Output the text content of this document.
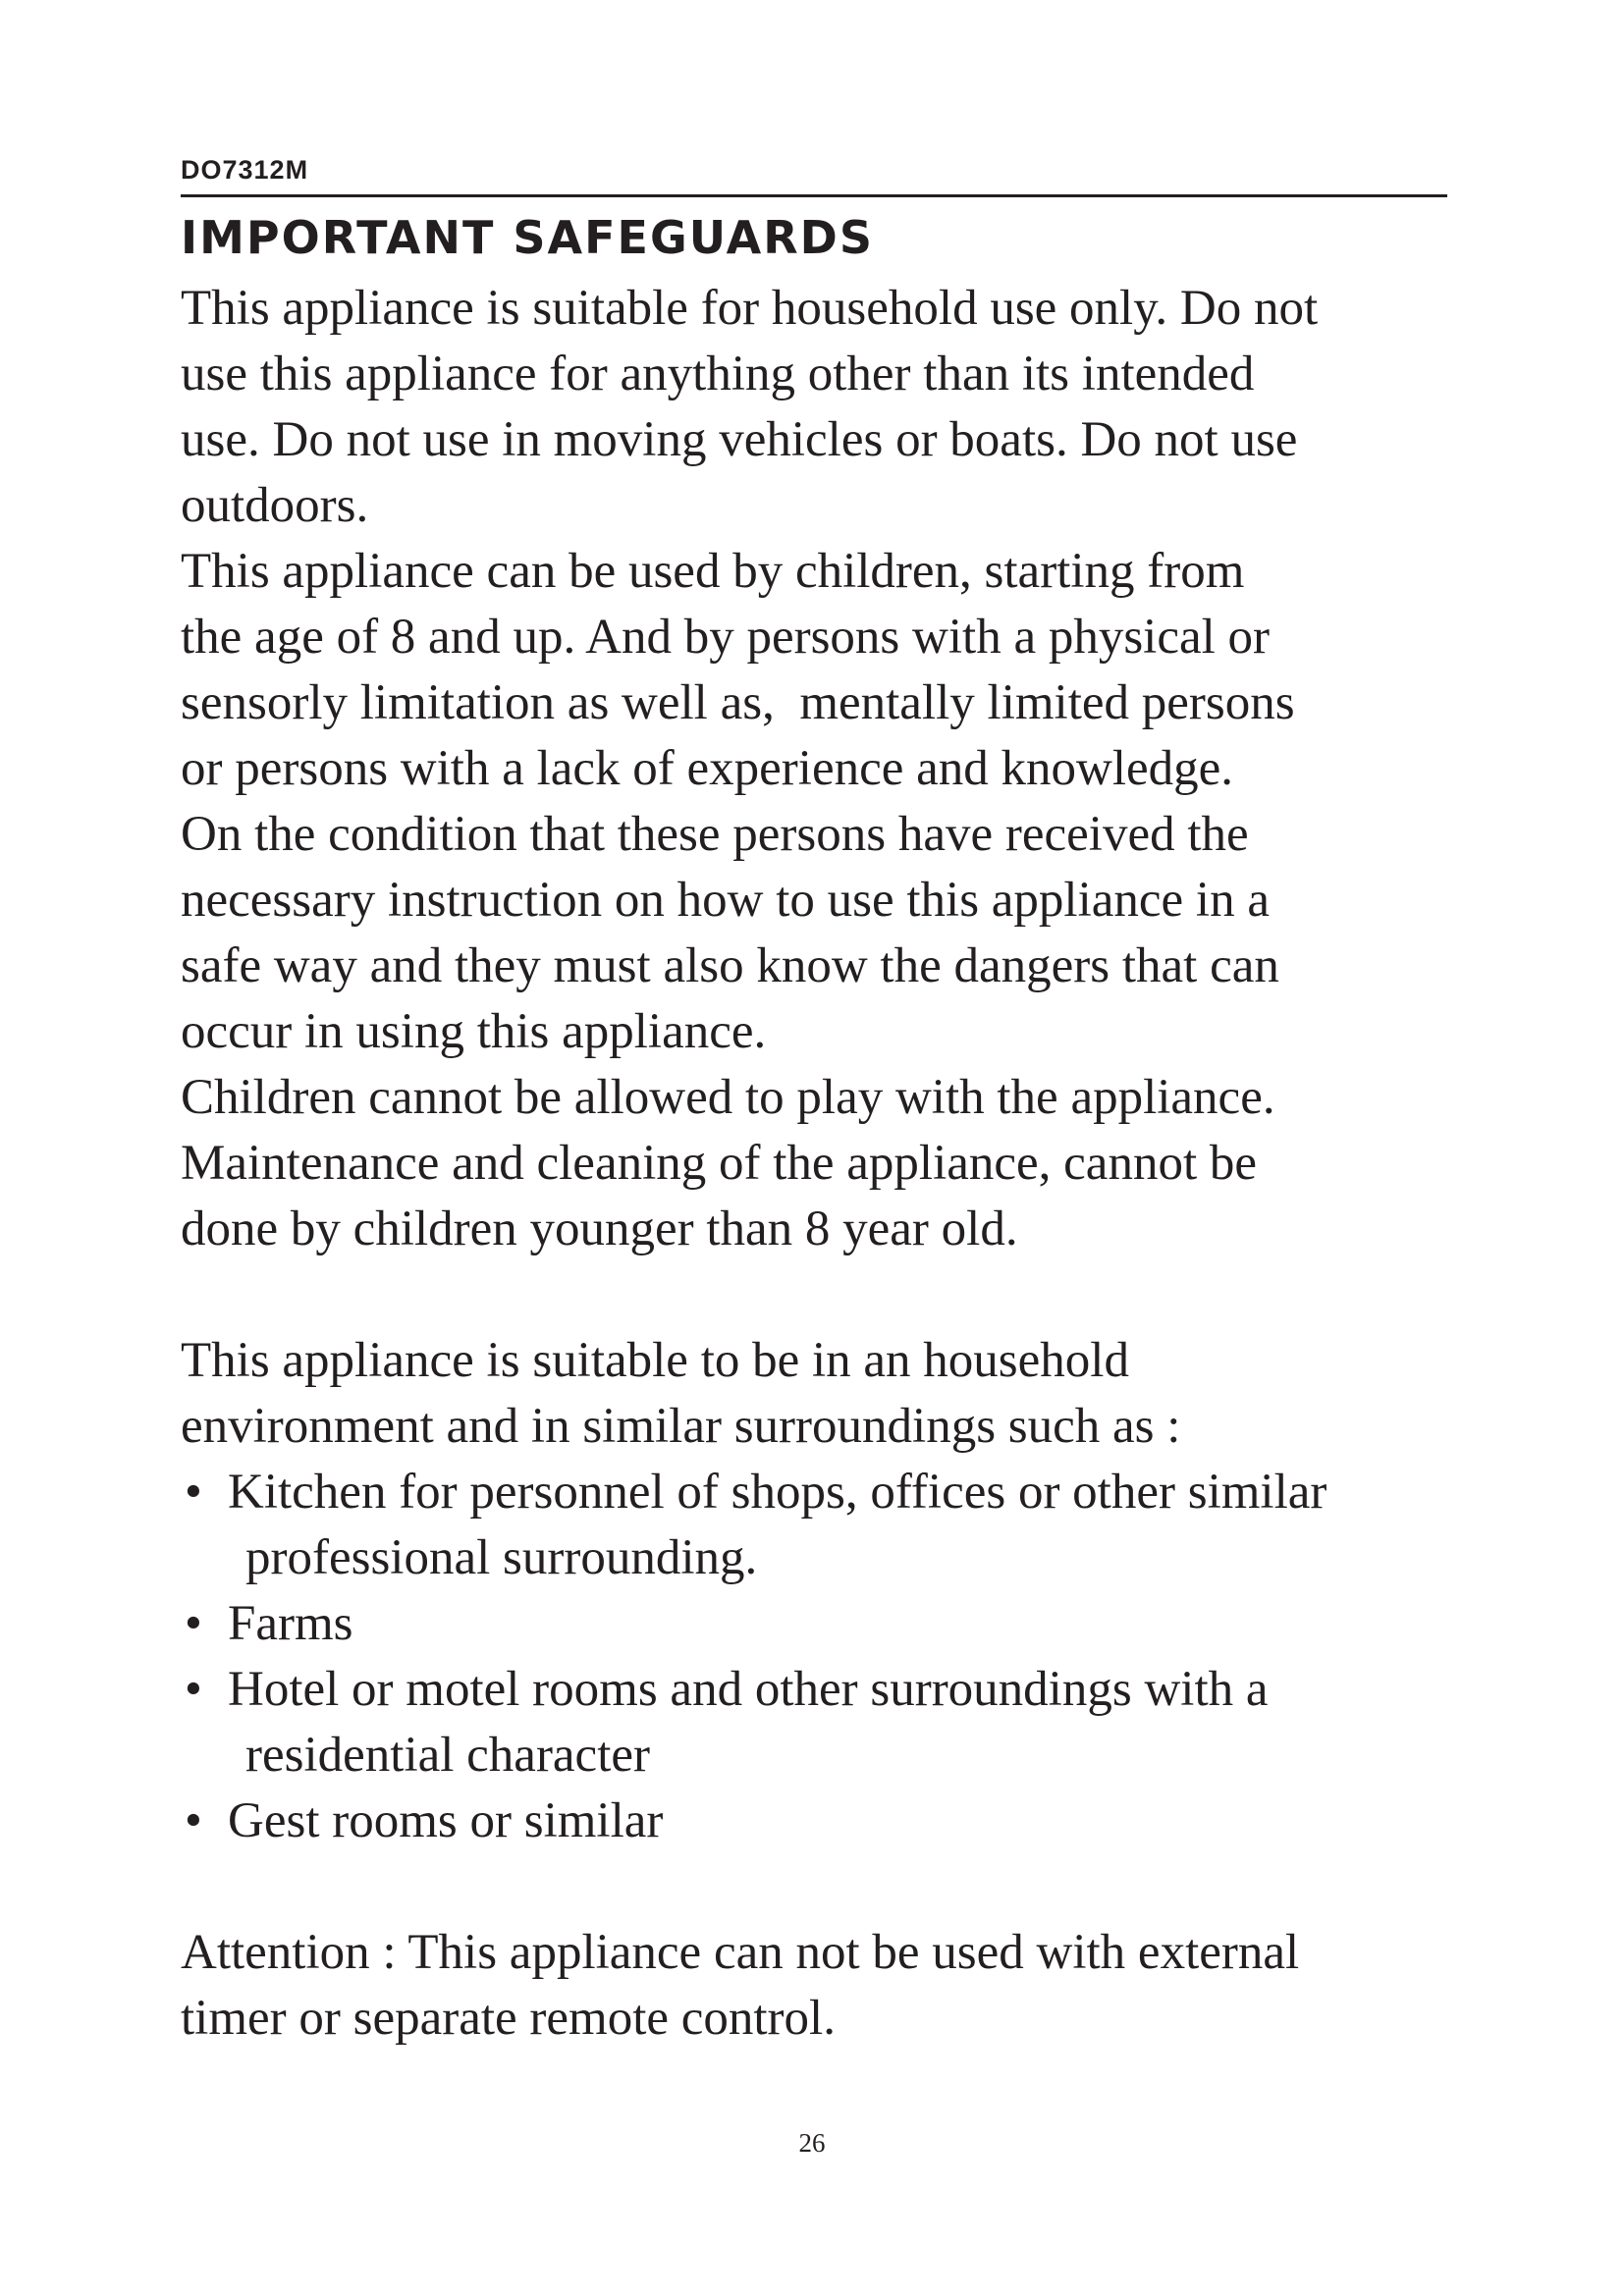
DO7312M
IMPORTANT SAFEGUARDS

This appliance is suitable for household use only. Do not
use this appliance for anything other than its intended
use. Do not use in moving vehicles or boats. Do not use
outdoors.

This appliance can be used by children, starting from
the age of 8 and up. And by persons with a physical or
sensorly limitation as well as,  mentally limited persons
or persons with a lack of experience and knowledge.

On the condition that these persons have received the
necessary instruction on how to use this appliance in a
safe way and they must also know the dangers that can
occur in using this appliance.

Children cannot be allowed to play with the appliance.
Maintenance and cleaning of the appliance, cannot be
done by children younger than 8 year old.

This appliance is suitable to be in an household
environment and in similar surroundings such as :

• Kitchen for personnel of shops, offices or other similar
professional surrounding.
• Farms
• Hotel or motel rooms and other surroundings with a
residential character
• Gest rooms or similar

Attention : This appliance can not be used with external
timer or separate remote control.

26
